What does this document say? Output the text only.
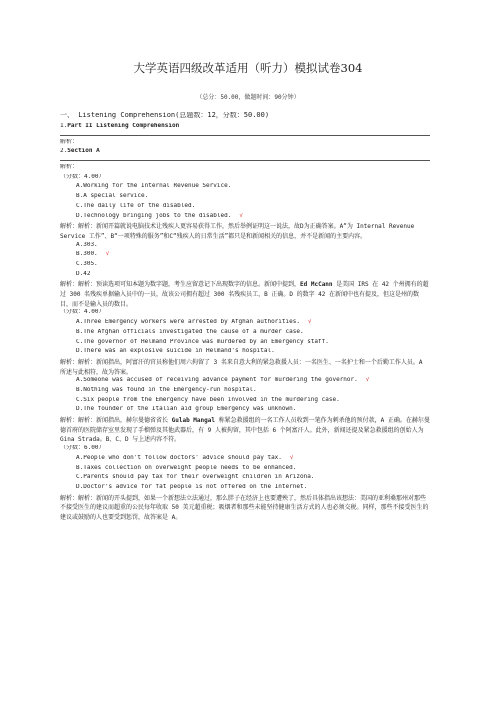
大学英语四级改革适用（听力）模拟试卷304
（总分：50.00，做题时间：90分钟）
一、 Listening Comprehension(总题数：12，分数：50.00)
1.Part II Listening Comprehension
解析：
2.Section A
解析：
（分数：4.00）
A.Working for the Internal Revenue Service.
B.A special service.
C.The daily life of the disabled.
D.Technology bringing jobs to the disabled. √
解析：解析：新闻开篇就说电脑技术让残疾人更容易获得工作，然后举例证明这一说法，故D为正确答案。A“为 Internal Revenue Service 工作”、B“一项特殊的服务”和C“残疾人的日常生活”都只是和新闻相关的信息，并不是新闻的主要内容。
A.303.
B.300. √
C.305.
D.42
解析：解析：预读选项可知本题为数字题，考生应留意记下出现数字的信息。新闻中提到，Ed McCann 是美国 IRS 在 42 个州拥有的超过 300 名残疾单据输入员中的一员，故该公司拥有超过 300 名残疾员工，B 正确。D 的数字 42 在新闻中也有提及，但这是州的数目，而不是输入员的数目。
（分数：4.00）
A.Three Emergency workers were arrested by Afghan authorities. √
B.The Afghan officials investigated the cause of a murder case.
C.The governor of Helmand Province was murdered by an Emergency staff.
D.There was an explosive suicide in Helmand's hospital.
解析：解析：新闻指出，阿富汗的官员称他们周六拘留了 3 名来自意大利的紧急救援人员：一名医生、一名护士和一个后勤工作人员。A 所述与此相符，故为答案。
A.Someone was accused of receiving advance payment for murdering the governor. √
B.Nothing was found in the Emergency-run hospital.
C.Six people from the Emergency have been involved in the murdering case.
D.The founder of the Italian aid group Emergency was unknown.
解析：解析：新闻指出，赫尔曼德省省长 Gulab Mangal 称紧急救援组的一名工作人员收到一笔作为刺杀他的预付款，A 正确。在赫尔曼德首府的医院储存室里发现了手榴弹及其他武器后，有 9 人被拘留，其中包括 6 个阿富汗人。此外，新闻还提及紧急救援组的创始人为 Gina Strada。B、C、D 与上述内容不符。
（分数：6.00）
A.People who don't follow doctors' advice should pay tax. √
B.Taxes collection on overweight people needs to be enhanced.
C.Parents should pay tax for their overweight children in Arizona.
D.Doctor's advice for fat people is not offered on the Internet.
解析：解析：新闻的开头提到，如果一个新想法立法通过，那么胖子在经济上也要遭殃了，然后具体指出该想法：美国的亚利桑那州对那些不接受医生的建议而超重的公民每年收取 50 美元超重税；吸烟者和那些未能坚持健康生活方式的人也必须交税。同样，那些不接受医生的建议或鼓励的人也要受到惩罚，故答案是 A。
